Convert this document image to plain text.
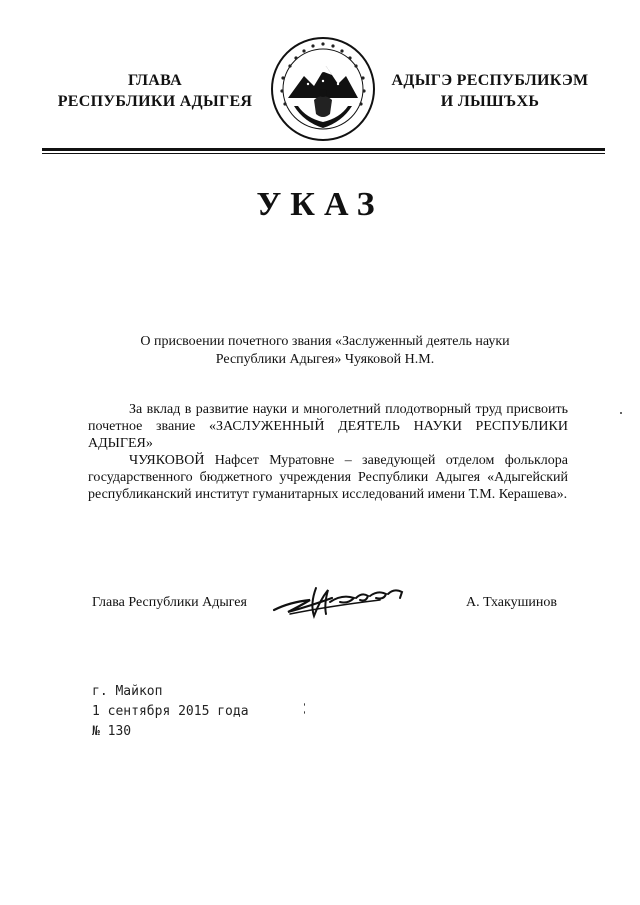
ГЛАВА
РЕСПУБЛИКИ АДЫГЕЯ
АДЫГЭ РЕСПУБЛИКЭМ
И ЛЫШЪХЬ
УКАЗ
О присвоении почетного звания «Заслуженный деятель науки
Республики Адыгея» Чуяковой Н.М.

За вклад в развитие науки и многолетний плодотворный труд присвоить почетное звание «ЗАСЛУЖЕННЫЙ ДЕЯТЕЛЬ НАУКИ РЕСПУБЛИКИ АДЫГЕЯ»

ЧУЯКОВОЙ Нафсет Муратовне – заведующей отделом фольклора государственного бюджетного учреждения Республики Адыгея «Адыгейский республиканский институт гуманитарных исследований имени Т.М. Керашева».

Глава Республики Адыгея	А. Тхакушинов
г. Майкоп
1 сентября 2015 года
№ 130
